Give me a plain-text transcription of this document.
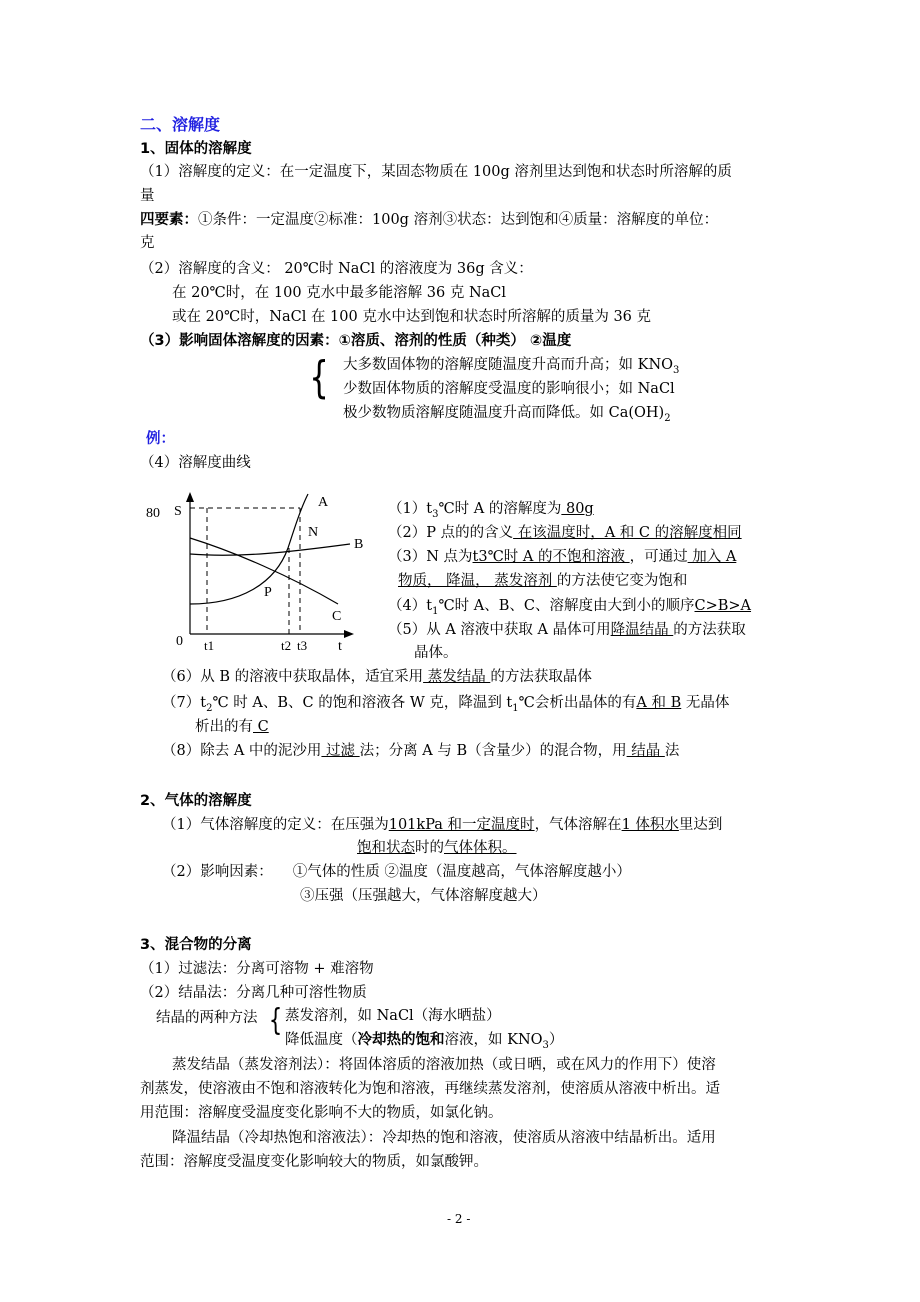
二、溶解度
1、固体的溶解度
（1）溶解度的定义：在一定温度下，某固态物质在 100g 溶剂里达到饱和状态时所溶解的质
量
四要素：①条件：一定温度②标准：100g 溶剂③状态：达到饱和④质量：溶解度的单位：
克
（2）溶解度的含义： 20℃时 NaCl 的溶液度为 36g 含义：
在 20℃时，在 100 克水中最多能溶解 36 克 NaCl
或在 20℃时，NaCl 在 100 克水中达到饱和状态时所溶解的质量为 36 克
（3）影响固体溶解度的因素：①溶质、溶剂的性质（种类） ②温度
{ 大多数固体物的溶解度随温度升高而升高；如 $KNO_3$
少数固体物质的溶解度受温度的影响很小；如 NaCl
极少数物质溶解度随温度升高而降低。如 $Ca(OH)_2$
例：
（4）溶解度曲线
80 S
0	t
t1	t2 t3
A
B
C
P
N
$(1)t_3℃$时 A 的溶解度为 80g
（2）P 点的的含义 在该温度时，A 和 C 的溶解度相同
（3）N 点为t3℃时 A 的不饱和溶液 ，可通过 加入 A
物质， 降温， 蒸发溶剂 的方法使它变为饱和
$(4)t_1℃$时 A、B、C、溶解度由大到小的顺序C>B>A
（5）从 A 溶液中获取 A 晶体可用降温结晶 的方法获取
晶体。
（6）从 B 的溶液中获取晶体，适宜采用 蒸发结晶 的方法获取晶体
$(7)t_2℃$ 时 A、B、C 的饱和溶液各 W 克，降温到 $t_1℃$会析出晶体的有A 和 B 无晶体
析出的有 C
（8）除去 A 中的泥沙用 过滤 法；分离 A 与 B（含量少）的混合物，用 结晶 法
2、气体的溶解度
（1）气体溶解度的定义：在压强为101kPa 和一定温度时，气体溶解在1 体积水里达到
饱和状态时的气体体积。
（2）影响因素： ①气体的性质 ②温度（温度越高，气体溶解度越小）
③压强（压强越大，气体溶解度越大）
3、混合物的分离
（1）过滤法：分离可溶物 + 难溶物
（2）结晶法：分离几种可溶性物质
结晶的两种方法 { 蒸发溶剂，如 NaCl（海水晒盐）
降低温度（冷却热的饱和溶液，如 $KNO_3$）
蒸发结晶（蒸发溶剂法）：将固体溶质的溶液加热（或日晒，或在风力的作用下）使溶
剂蒸发，使溶液由不饱和溶液转化为饱和溶液，再继续蒸发溶剂，使溶质从溶液中析出。适
用范围：溶解度受温度变化影响不大的物质，如氯化钠。
降温结晶（冷却热饱和溶液法）：冷却热的饱和溶液，使溶质从溶液中结晶析出。适用
范围：溶解度受温度变化影响较大的物质，如氯酸钾。
- 2 -
